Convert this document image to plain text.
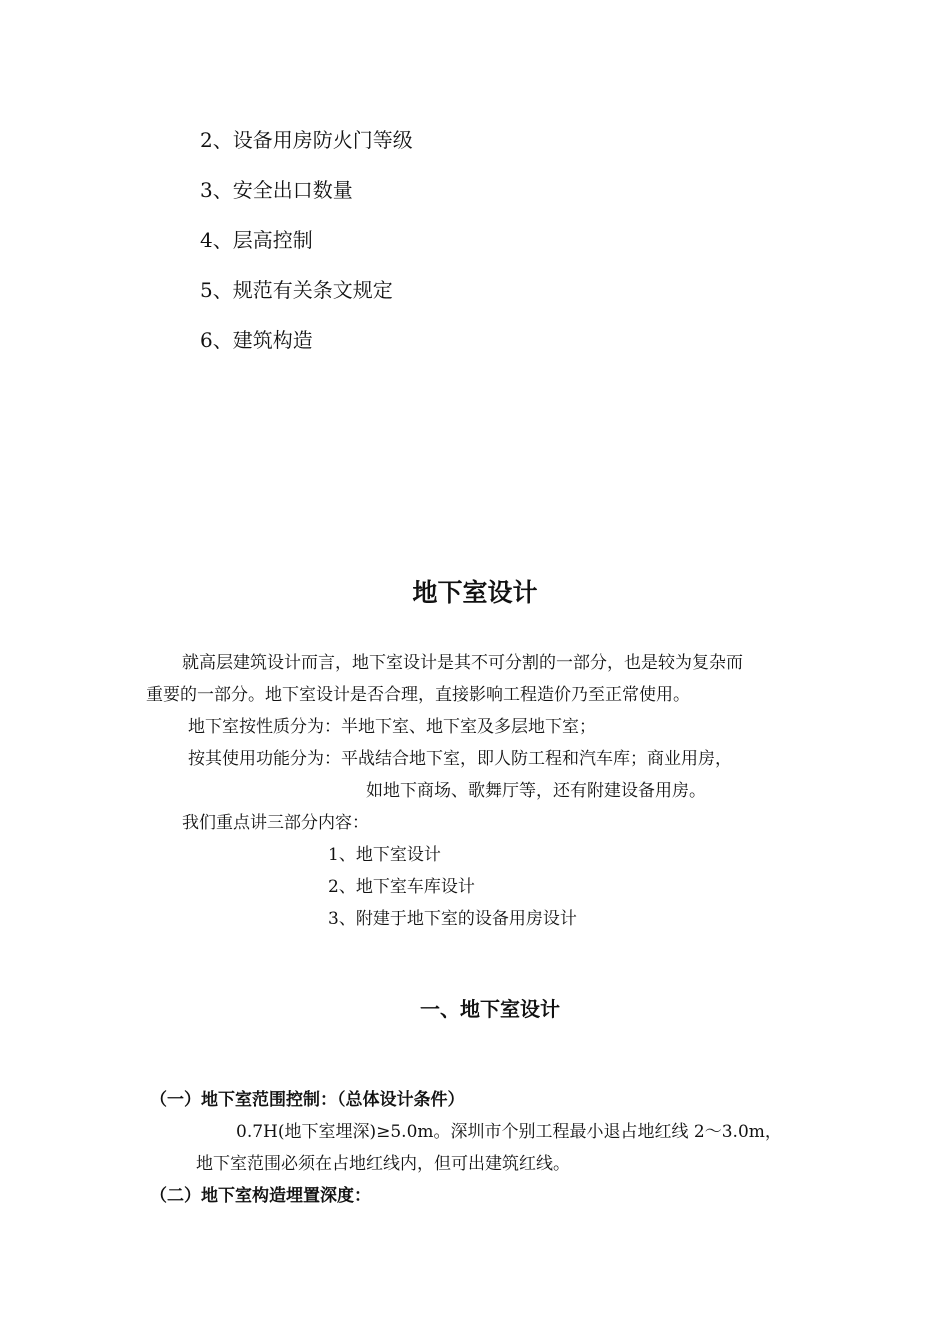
2、设备用房防火门等级
3、安全出口数量
4、层高控制
5、规范有关条文规定
6、建筑构造
地下室设计
就高层建筑设计而言，地下室设计是其不可分割的一部分，也是较为复杂而
重要的一部分。地下室设计是否合理，直接影响工程造价乃至正常使用。
地下室按性质分为：半地下室、地下室及多层地下室；
按其使用功能分为：平战结合地下室，即人防工程和汽车库；商业用房，
如地下商场、歌舞厅等，还有附建设备用房。
我们重点讲三部分内容：
1、地下室设计
2、地下室车库设计
3、附建于地下室的设备用房设计
一、地下室设计
（一）地下室范围控制：（总体设计条件）
0.7H(地下室埋深)≥5.0m。深圳市个别工程最小退占地红线 2～3.0m，
地下室范围必须在占地红线内，但可出建筑红线。
（二）地下室构造埋置深度：
